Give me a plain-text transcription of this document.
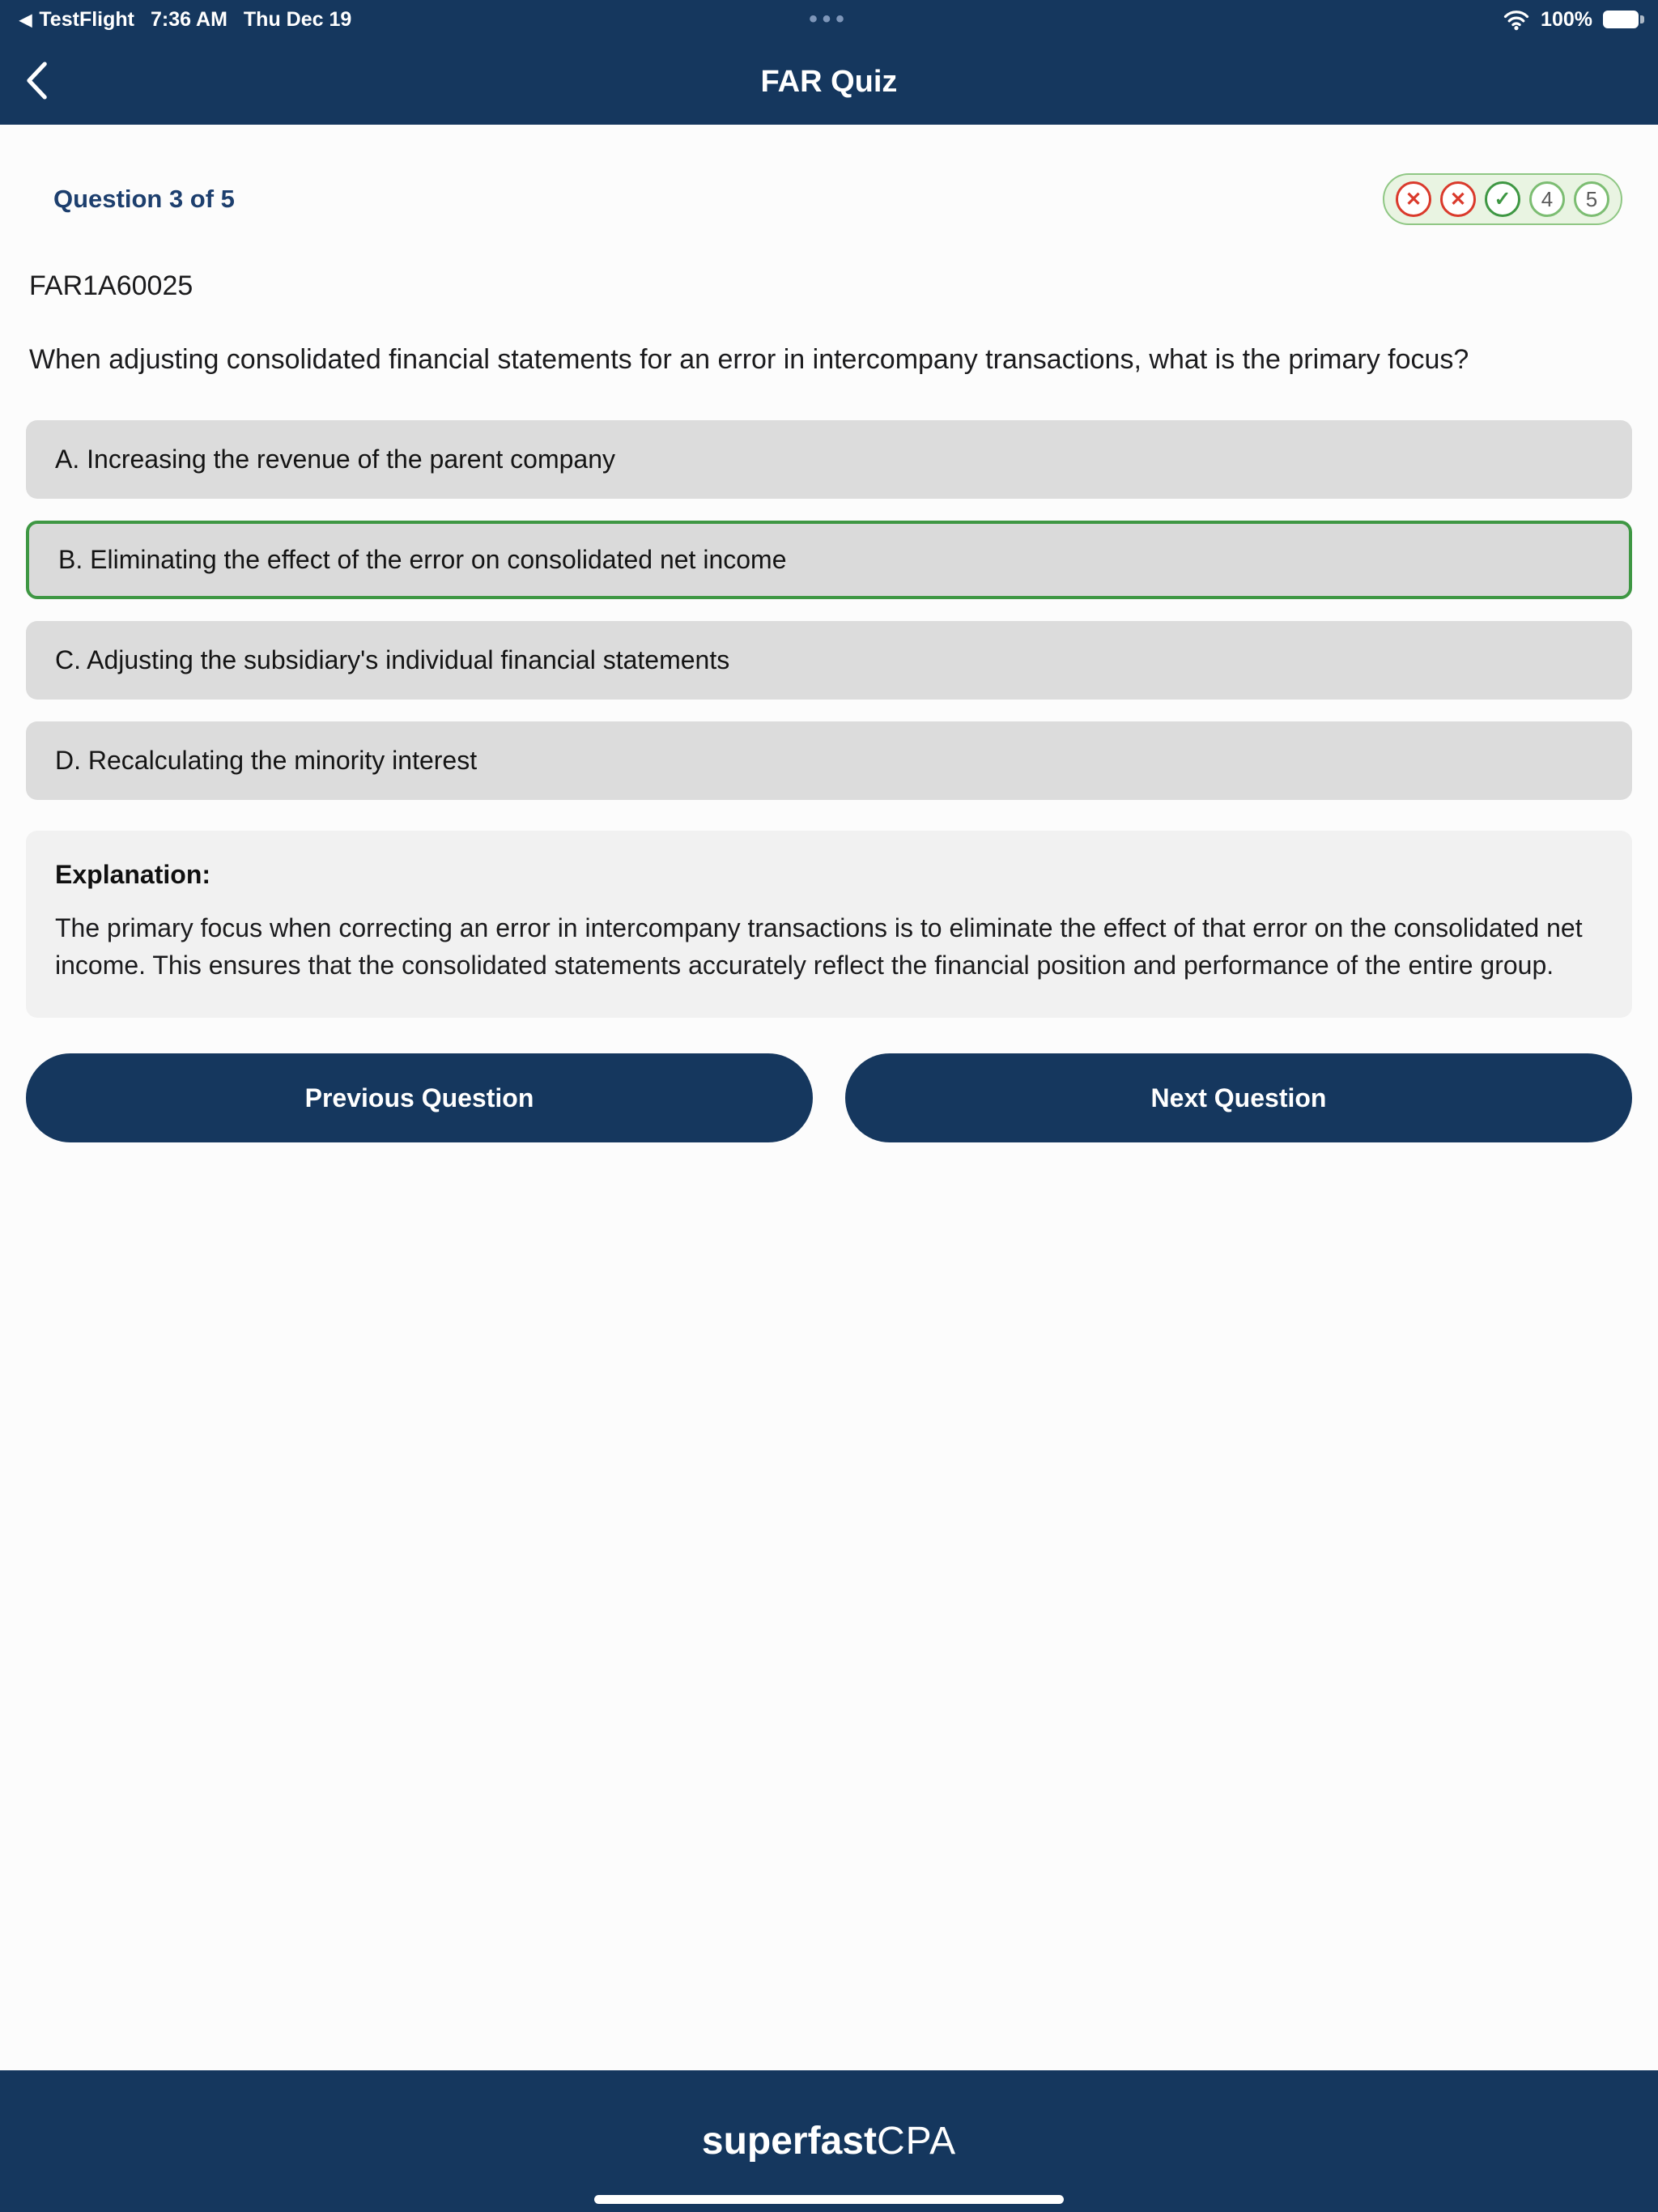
◀ TestFlight 7:36 AM Thu Dec 19	•••	100%
FAR Quiz
Question 3 of 5	✕	✕	✓	4	5
FAR1A60025
When adjusting consolidated financial statements for an error in intercompany transactions, what is the primary focus?
A. Increasing the revenue of the parent company
B. Eliminating the effect of the error on consolidated net income
C. Adjusting the subsidiary's individual financial statements
D. Recalculating the minority interest
Explanation:
The primary focus when correcting an error in intercompany transactions is to eliminate the effect of that error on the consolidated net income. This ensures that the consolidated statements accurately reflect the financial position and performance of the entire group.
Previous Question	Next Question
superfastCPA
